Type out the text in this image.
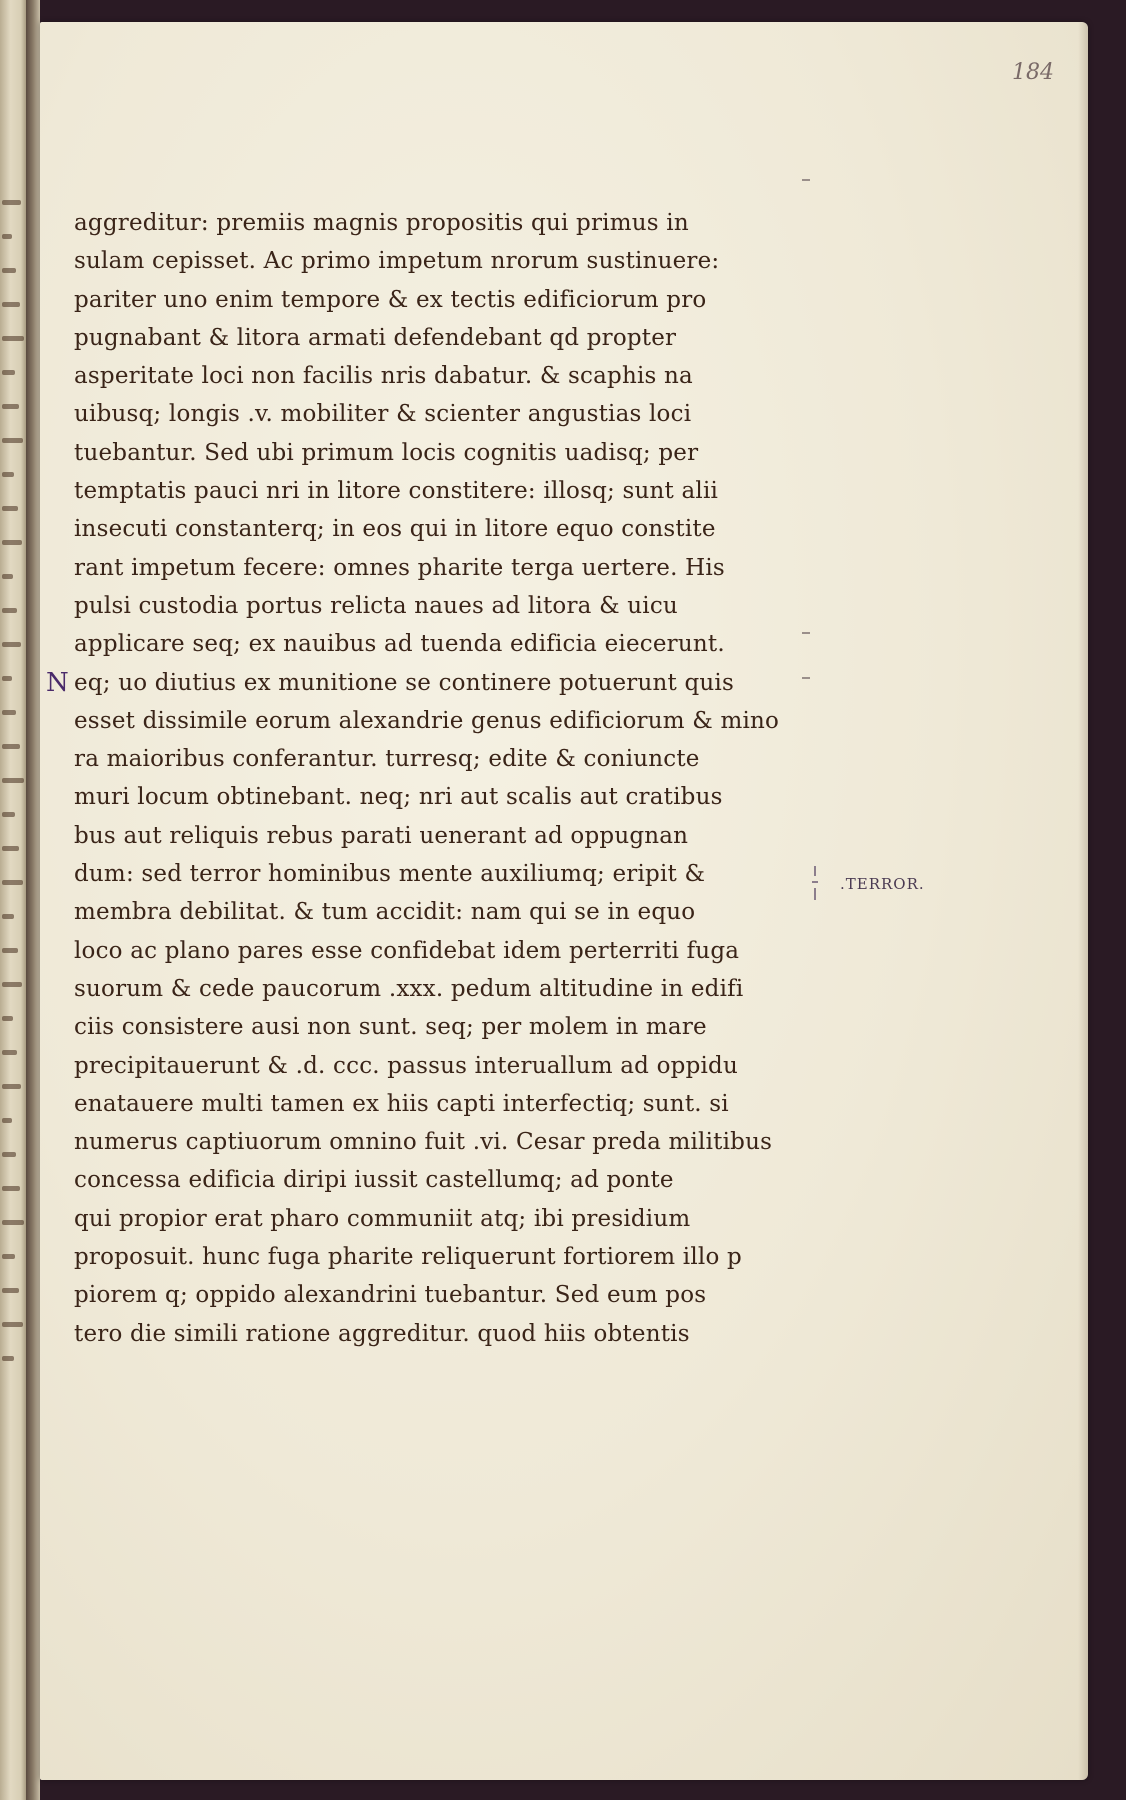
184
aggreditur: premiis magnis propositis qui primus in
sulam cepisset. Ac primo impetum nrorum sustinuere:
pariter uno enim tempore & ex tectis edificiorum pro
pugnabant & litora armati defendebant qd propter
asperitate loci non facilis nris dabatur. & scaphis na
uibusq; longis .v. mobiliter & scienter angustias loci
tuebantur. Sed ubi primum locis cognitis uadisq; per
temptatis pauci nri in litore constitere: illosq; sunt alii
insecuti constanterq; in eos qui in litore equo constite
rant impetum fecere: omnes pharite terga uertere. His
pulsi custodia portus relicta naues ad litora & uicu
applicare seq; ex nauibus ad tuenda edificia eiecerunt.
N eq; uo diutius ex munitione se continere potuerunt quis
esset dissimile eorum alexandrie genus edificiorum & mino
ra maioribus conferantur. turresq; edite & coniuncte
muri locum obtinebant. neq; nri aut scalis aut cratibus
bus aut reliquis rebus parati uenerant ad oppugnan
dum: sed terror hominibus mente auxiliumq; eripit &
membra debilitat. & tum accidit: nam qui se in equo
loco ac plano pares esse confidebat idem perterriti fuga
suorum & cede paucorum .xxx. pedum altitudine in edifi
ciis consistere ausi non sunt. seq; per molem in mare
precipitauerunt & .d. ccc. passus interuallum ad oppidu
enatauere multi tamen ex hiis capti interfectiq; sunt. si
numerus captiuorum omnino fuit .vi. Cesar preda militibus
concessa edificia diripi iussit castellumq; ad ponte
qui propior erat pharo communiit atq; ibi presidium
proposuit. hunc fuga pharite reliquerunt fortiorem illo p
piorem q; oppido alexandrini tuebantur. Sed eum pos
tero die simili ratione aggreditur. quod hiis obtentis
.TERROR.
